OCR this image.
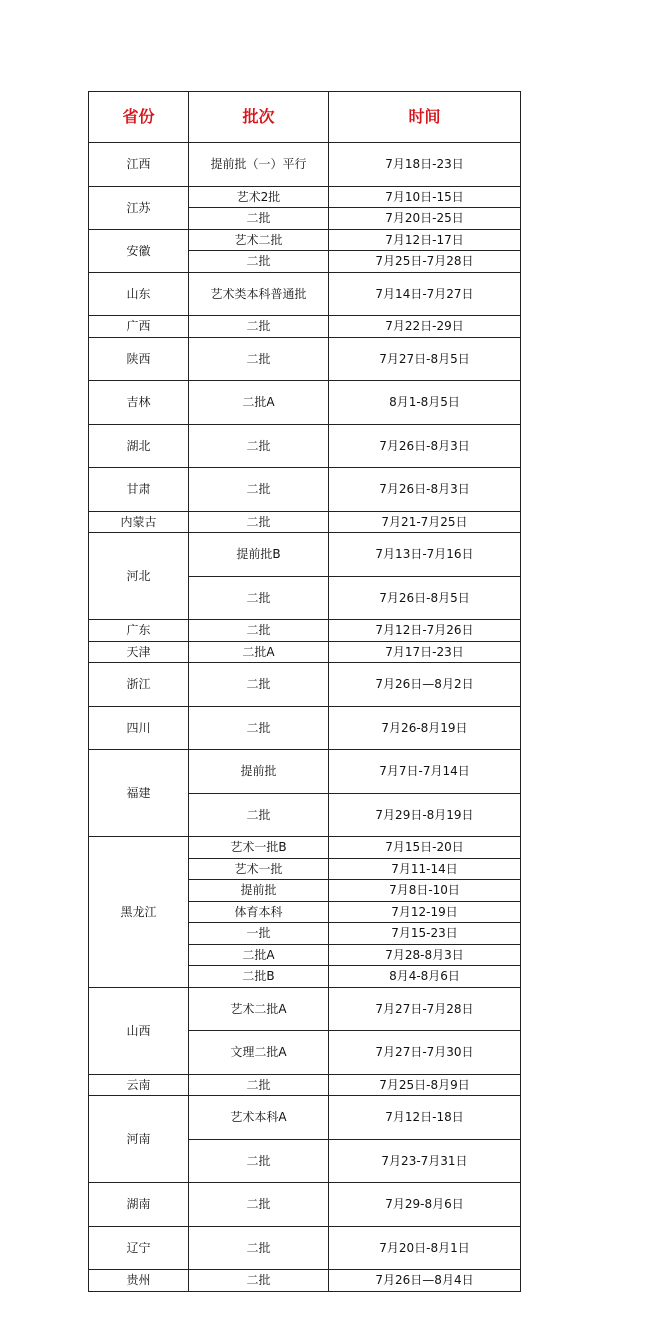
省份	批次	时间
江西	提前批（一）平行	7月18日-23日
江苏	艺术2批	7月10日-15日
	二批	7月20日-25日
安徽	艺术二批	7月12日-17日
	二批	7月25日-7月28日
山东	艺术类本科普通批	7月14日-7月27日
广西	二批	7月22日-29日
陕西	二批	7月27日-8月5日
吉林	二批A	8月1-8月5日
湖北	二批	7月26日-8月3日
甘肃	二批	7月26日-8月3日
内蒙古	二批	7月21-7月25日
河北	提前批B	7月13日-7月16日
	二批	7月26日-8月5日
广东	二批	7月12日-7月26日
天津	二批A	7月17日-23日
浙江	二批	7月26日—8月2日
四川	二批	7月26-8月19日
福建	提前批	7月7日-7月14日
	二批	7月29日-8月19日
黑龙江	艺术一批B	7月15日-20日
	艺术一批	7月11-14日
	提前批	7月8日-10日
	体育本科	7月12-19日
	一批	7月15-23日
	二批A	7月28-8月3日
	二批B	8月4-8月6日
山西	艺术二批A	7月27日-7月28日
	文理二批A	7月27日-7月30日
云南	二批	7月25日-8月9日
河南	艺术本科A	7月12日-18日
	二批	7月23-7月31日
湖南	二批	7月29-8月6日
辽宁	二批	7月20日-8月1日
贵州	二批	7月26日—8月4日
